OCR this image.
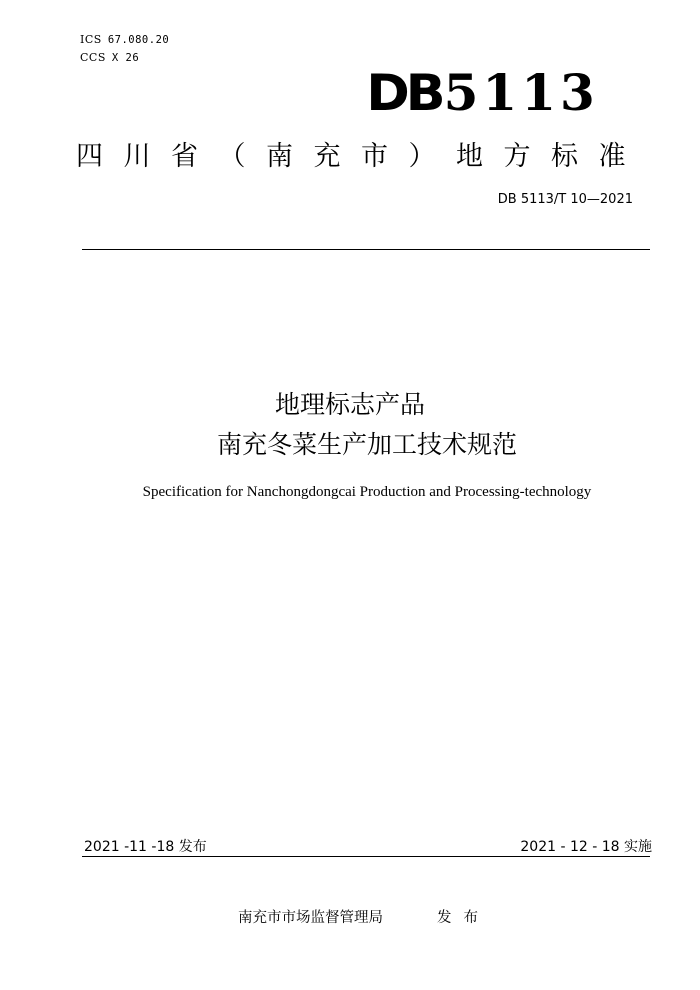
ICS 67.080.20
CCS X 26
DB 5113
四川省（南充市）地方标准
DB 5113/T 10—2021
地理标志产品
南充冬菜生产加工技术规范
Specification for Nanchongdongcai Production and Processing-technology
2021 -11 -18 发布	2021 - 12 - 18 实施
南充市市场监督管理局	发布
